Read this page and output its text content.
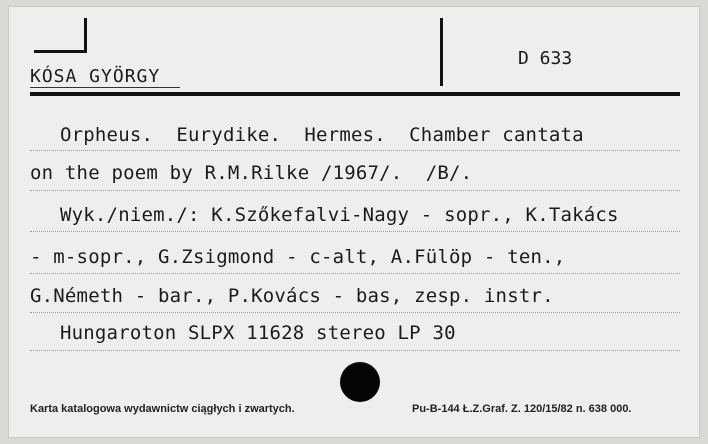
KÓSA GYÖRGY
D 633
Orpheus.  Eurydike.  Hermes.  Chamber cantata
on the poem by R.M.Rilke /1967/.  /B/.
Wyk./niem./: K.Szőkefalvi-Nagy - sopr., K.Takács
- m-sopr., G.Zsigmond - c-alt, A.Fülöp - ten.,
G.Németh - bar., P.Kovács - bas, zesp. instr.
Hungaroton SLPX 11628 stereo LP 30
Karta katalogowa wydawnictw ciągłych i zwartych.	Pu-B-144 Ł.Z.Graf. Z. 120/15/82 n. 638 000.
